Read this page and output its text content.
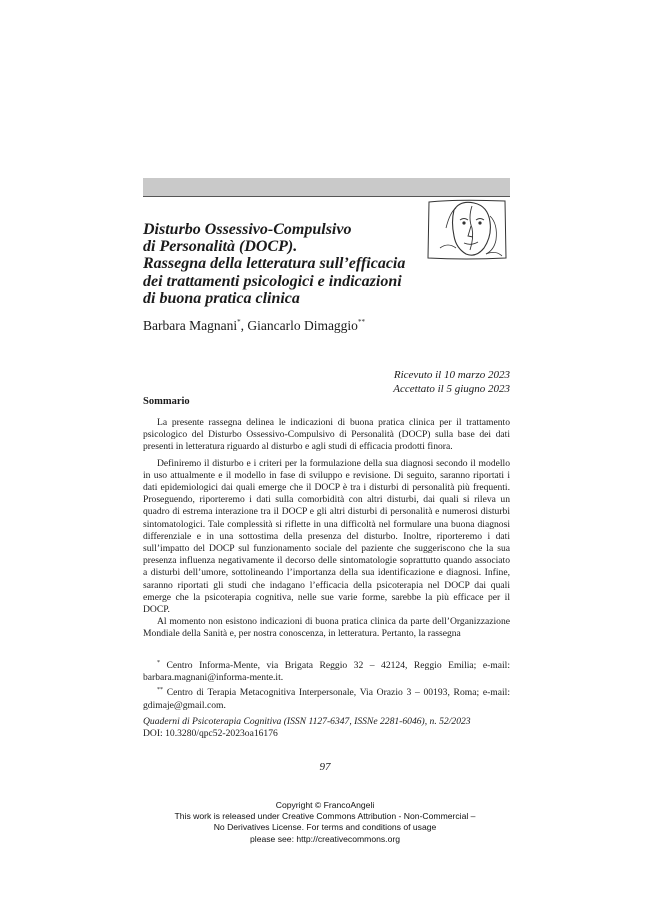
Disturbo Ossessivo-Compulsivo
di Personalità (DOCP).
Rassegna della letteratura sull’efficacia
dei trattamenti psicologici e indicazioni
di buona pratica clinica
Barbara Magnani*, Giancarlo Dimaggio**
Ricevuto il 10 marzo 2023
Accettato il 5 giugno 2023
Sommario

La presente rassegna delinea le indicazioni di buona pratica clinica per il trattamento psicologico del Disturbo Ossessivo-Compulsivo di Personalità (DOCP) sulla base dei dati presenti in letteratura riguardo al disturbo e agli studi di efficacia prodotti finora.

Definiremo il disturbo e i criteri per la formulazione della sua diagnosi secondo il modello in uso attualmente e il modello in fase di sviluppo e revisione. Di seguito, saranno riportati i dati epidemiologici dai quali emerge che il DOCP è tra i disturbi di personalità più frequenti. Proseguendo, riporteremo i dati sulla comorbidità con altri disturbi, dai quali si rileva un quadro di estrema interazione tra il DOCP e gli altri disturbi di personalità e numerosi disturbi sintomatologici. Tale complessità si riflette in una difficoltà nel formulare una buona diagnosi differenziale e in una sottostima della presenza del disturbo. Inoltre, riporteremo i dati sull’impatto del DOCP sul funzionamento sociale del paziente che suggeriscono che la sua presenza influenza negativamente il decorso delle sintomatologie soprattutto quando associato a disturbi dell’umore, sottolineando l’importanza della sua identificazione e diagnosi. Infine, saranno riportati gli studi che indagano l’efficacia della psicoterapia nel DOCP dai quali emerge che la psicoterapia cognitiva, nelle sue varie forme, sarebbe la più efficace per il DOCP.

Al momento non esistono indicazioni di buona pratica clinica da parte dell’Organizzazione Mondiale della Sanità e, per nostra conoscenza, in letteratura. Pertanto, la rassegna

* Centro Informa-Mente, via Brigata Reggio 32 – 42124, Reggio Emilia; e-mail: barbara.magnani@informa-mente.it.

** Centro di Terapia Metacognitiva Interpersonale, Via Orazio 3 – 00193, Roma; e-mail: gdimaje@gmail.com.

Quaderni di Psicoterapia Cognitiva (ISSN 1127-6347, ISSNe 2281-6046), n. 52/2023
DOI: 10.3280/qpc52-2023oa16176
97
Copyright © FrancoAngeli
This work is released under Creative Commons Attribution - Non-Commercial –
No Derivatives License. For terms and conditions of usage
please see: http://creativecommons.org
